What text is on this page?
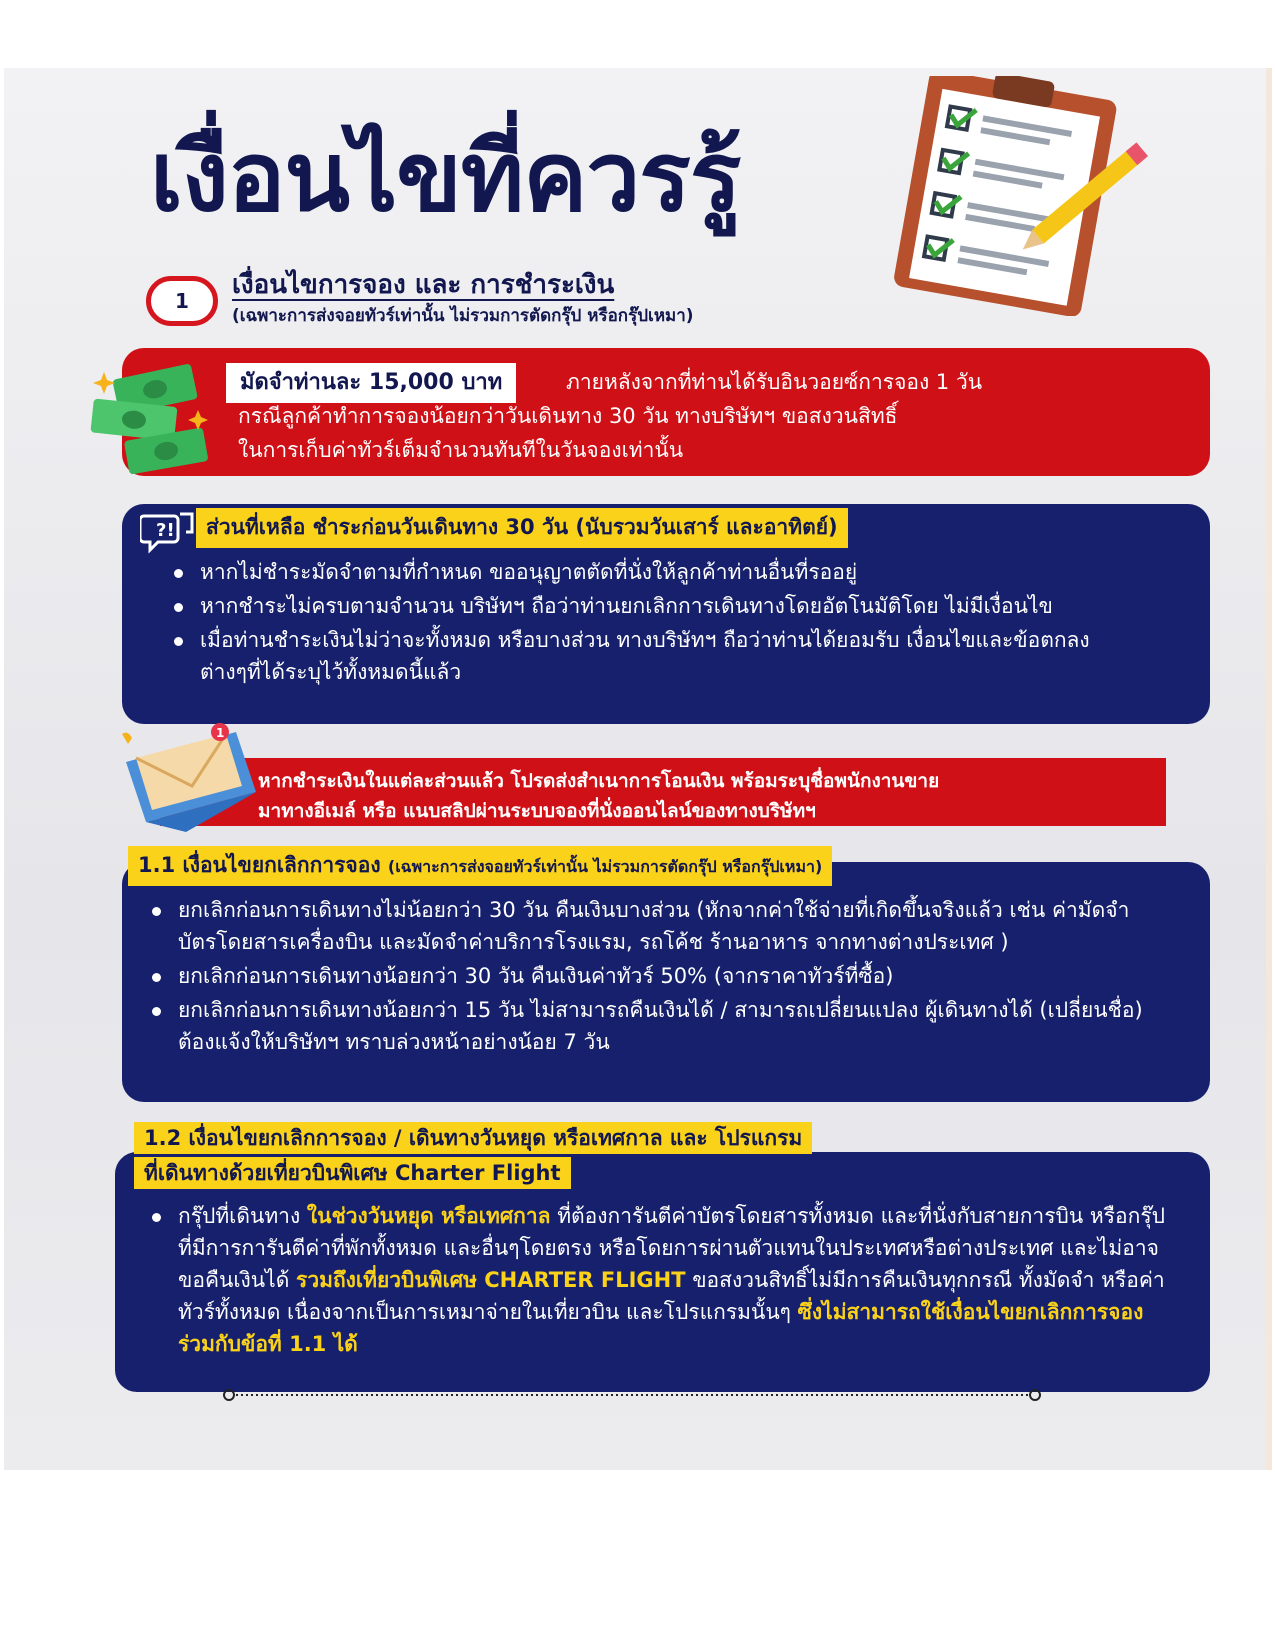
เงื่อนไขที่ควรรู้
1
เงื่อนไขการจอง และ การชำระเงิน
(เฉพาะการส่งจอยทัวร์เท่านั้น ไม่รวมการตัดกรุ๊ป หรือกรุ๊ปเหมา)
มัดจำท่านละ 15,000 บาท	ภายหลังจากที่ท่านได้รับอินวอยซ์การจอง 1 วัน
กรณีลูกค้าทำการจองน้อยกว่าวันเดินทาง 30 วัน ทางบริษัทฯ ขอสงวนสิทธิ์
ในการเก็บค่าทัวร์เต็มจำนวนทันทีในวันจองเท่านั้น
?!	ส่วนที่เหลือ ชำระก่อนวันเดินทาง 30 วัน (นับรวมวันเสาร์ และอาทิตย์)
หากไม่ชำระมัดจำตามที่กำหนด ขออนุญาตตัดที่นั่งให้ลูกค้าท่านอื่นที่รออยู่
หากชำระไม่ครบตามจำนวน บริษัทฯ ถือว่าท่านยกเลิกการเดินทางโดยอัตโนมัติโดย ไม่มีเงื่อนไข
เมื่อท่านชำระเงินไม่ว่าจะทั้งหมด หรือบางส่วน ทางบริษัทฯ ถือว่าท่านได้ยอมรับ เงื่อนไขและข้อตกลงต่างๆที่ได้ระบุไว้ทั้งหมดนี้แล้ว
หากชำระเงินในแต่ละส่วนแล้ว โปรดส่งสำเนาการโอนเงิน พร้อมระบุชื่อพนักงานขาย
มาทางอีเมล์ หรือ แนบสลิปผ่านระบบจองที่นั่งออนไลน์ของทางบริษัทฯ
1
1.1 เงื่อนไขยกเลิกการจอง (เฉพาะการส่งจอยทัวร์เท่านั้น ไม่รวมการตัดกรุ๊ป หรือกรุ๊ปเหมา)
ยกเลิกก่อนการเดินทางไม่น้อยกว่า 30 วัน คืนเงินบางส่วน (หักจากค่าใช้จ่ายที่เกิดขึ้นจริงแล้ว เช่น ค่ามัดจำบัตรโดยสารเครื่องบิน และมัดจำค่าบริการโรงแรม, รถโค้ช ร้านอาหาร จากทางต่างประเทศ )
ยกเลิกก่อนการเดินทางน้อยกว่า 30 วัน คืนเงินค่าทัวร์ 50% (จากราคาทัวร์ที่ซื้อ)
ยกเลิกก่อนการเดินทางน้อยกว่า 15 วัน ไม่สามารถคืนเงินได้ / สามารถเปลี่ยนแปลง ผู้เดินทางได้ (เปลี่ยนชื่อ) ต้องแจ้งให้บริษัทฯ ทราบล่วงหน้าอย่างน้อย 7 วัน
1.2 เงื่อนไขยกเลิกการจอง / เดินทางวันหยุด หรือเทศกาล และ โปรแกรม
ที่เดินทางด้วยเที่ยวบินพิเศษ Charter Flight
กรุ๊ปที่เดินทาง ในช่วงวันหยุด หรือเทศกาล ที่ต้องการันตีค่าบัตรโดยสารทั้งหมด และที่นั่งกับสายการบิน หรือกรุ๊ปที่มีการการันตีค่าที่พักทั้งหมด และอื่นๆโดยตรง หรือโดยการผ่านตัวแทนในประเทศหรือต่างประเทศ และไม่อาจขอคืนเงินได้ รวมถึงเที่ยวบินพิเศษ CHARTER FLIGHT ขอสงวนสิทธิ์ไม่มีการคืนเงินทุกกรณี ทั้งมัดจำ หรือค่าทัวร์ทั้งหมด เนื่องจากเป็นการเหมาจ่ายในเที่ยวบิน และโปรแกรมนั้นๆ ซึ่งไม่สามารถใช้เงื่อนไขยกเลิกการจองร่วมกับข้อที่ 1.1 ได้
